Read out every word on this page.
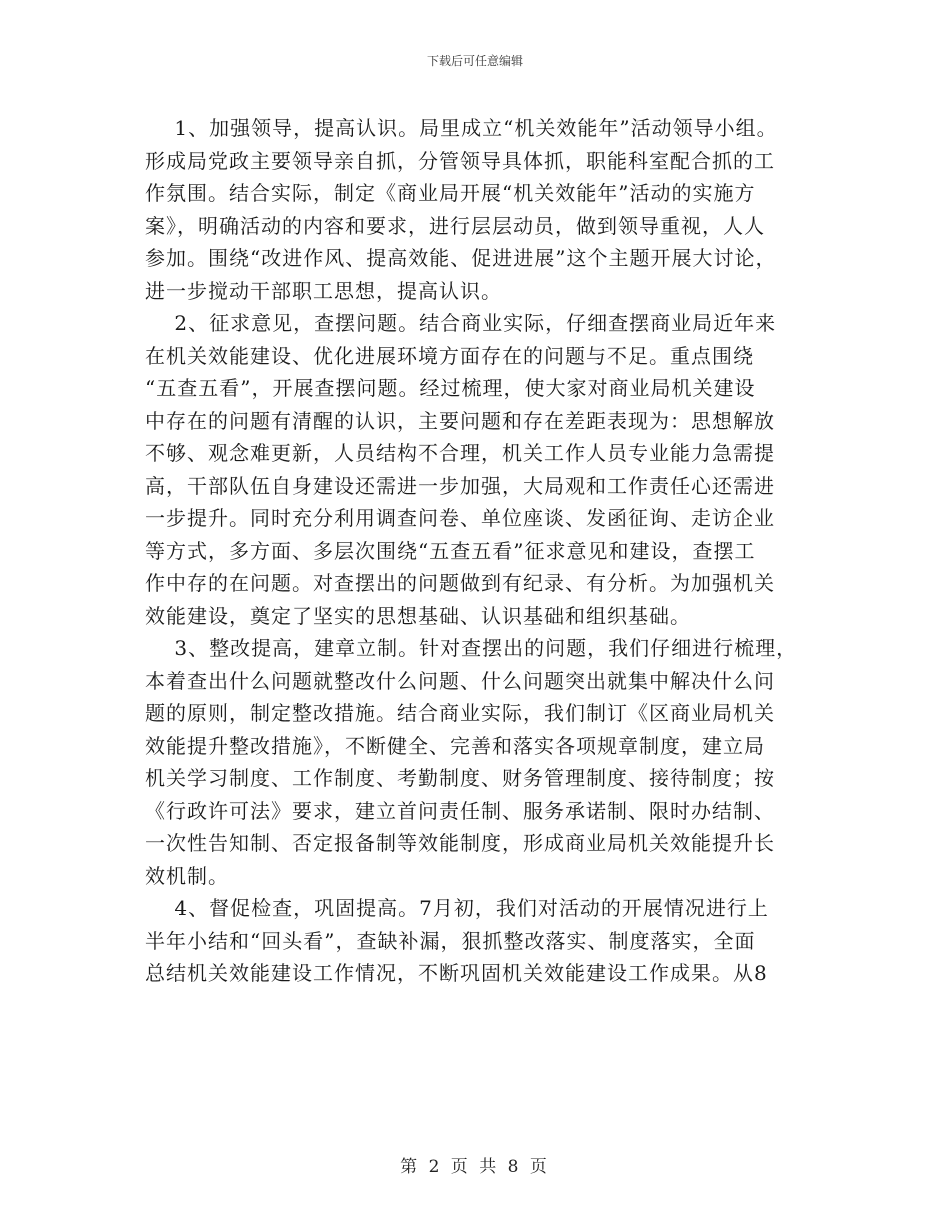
下载后可任意编辑
1、加强领导，提高认识。局里成立“机关效能年”活动领导小组。
形成局党政主要领导亲自抓，分管领导具体抓，职能科室配合抓的工
作氛围。结合实际，制定《商业局开展“机关效能年”活动的实施方
案》，明确活动的内容和要求，进行层层动员，做到领导重视，人人
参加。围绕“改进作风、提高效能、促进进展”这个主题开展大讨论，
进一步搅动干部职工思想，提高认识。
2、征求意见，查摆问题。结合商业实际，仔细查摆商业局近年来
在机关效能建设、优化进展环境方面存在的问题与不足。重点围绕
“五查五看”，开展查摆问题。经过梳理，使大家对商业局机关建设
中存在的问题有清醒的认识，主要问题和存在差距表现为：思想解放
不够、观念难更新，人员结构不合理，机关工作人员专业能力急需提
高，干部队伍自身建设还需进一步加强，大局观和工作责任心还需进
一步提升。同时充分利用调查问卷、单位座谈、发函征询、走访企业
等方式，多方面、多层次围绕“五查五看”征求意见和建设，查摆工
作中存的在问题。对查摆出的问题做到有纪录、有分析。为加强机关
效能建设，奠定了坚实的思想基础、认识基础和组织基础。
3、整改提高，建章立制。针对查摆出的问题，我们仔细进行梳理，
本着查出什么问题就整改什么问题、什么问题突出就集中解决什么问
题的原则，制定整改措施。结合商业实际，我们制订《区商业局机关
效能提升整改措施》，不断健全、完善和落实各项规章制度，建立局
机关学习制度、工作制度、考勤制度、财务管理制度、接待制度；按
《行政许可法》要求，建立首问责任制、服务承诺制、限时办结制、
一次性告知制、否定报备制等效能制度，形成商业局机关效能提升长
效机制。
4、督促检查，巩固提高。7月初，我们对活动的开展情况进行上
半年小结和“回头看”，查缺补漏，狠抓整改落实、制度落实，全面
总结机关效能建设工作情况，不断巩固机关效能建设工作成果。从8
第 2 页 共 8 页
